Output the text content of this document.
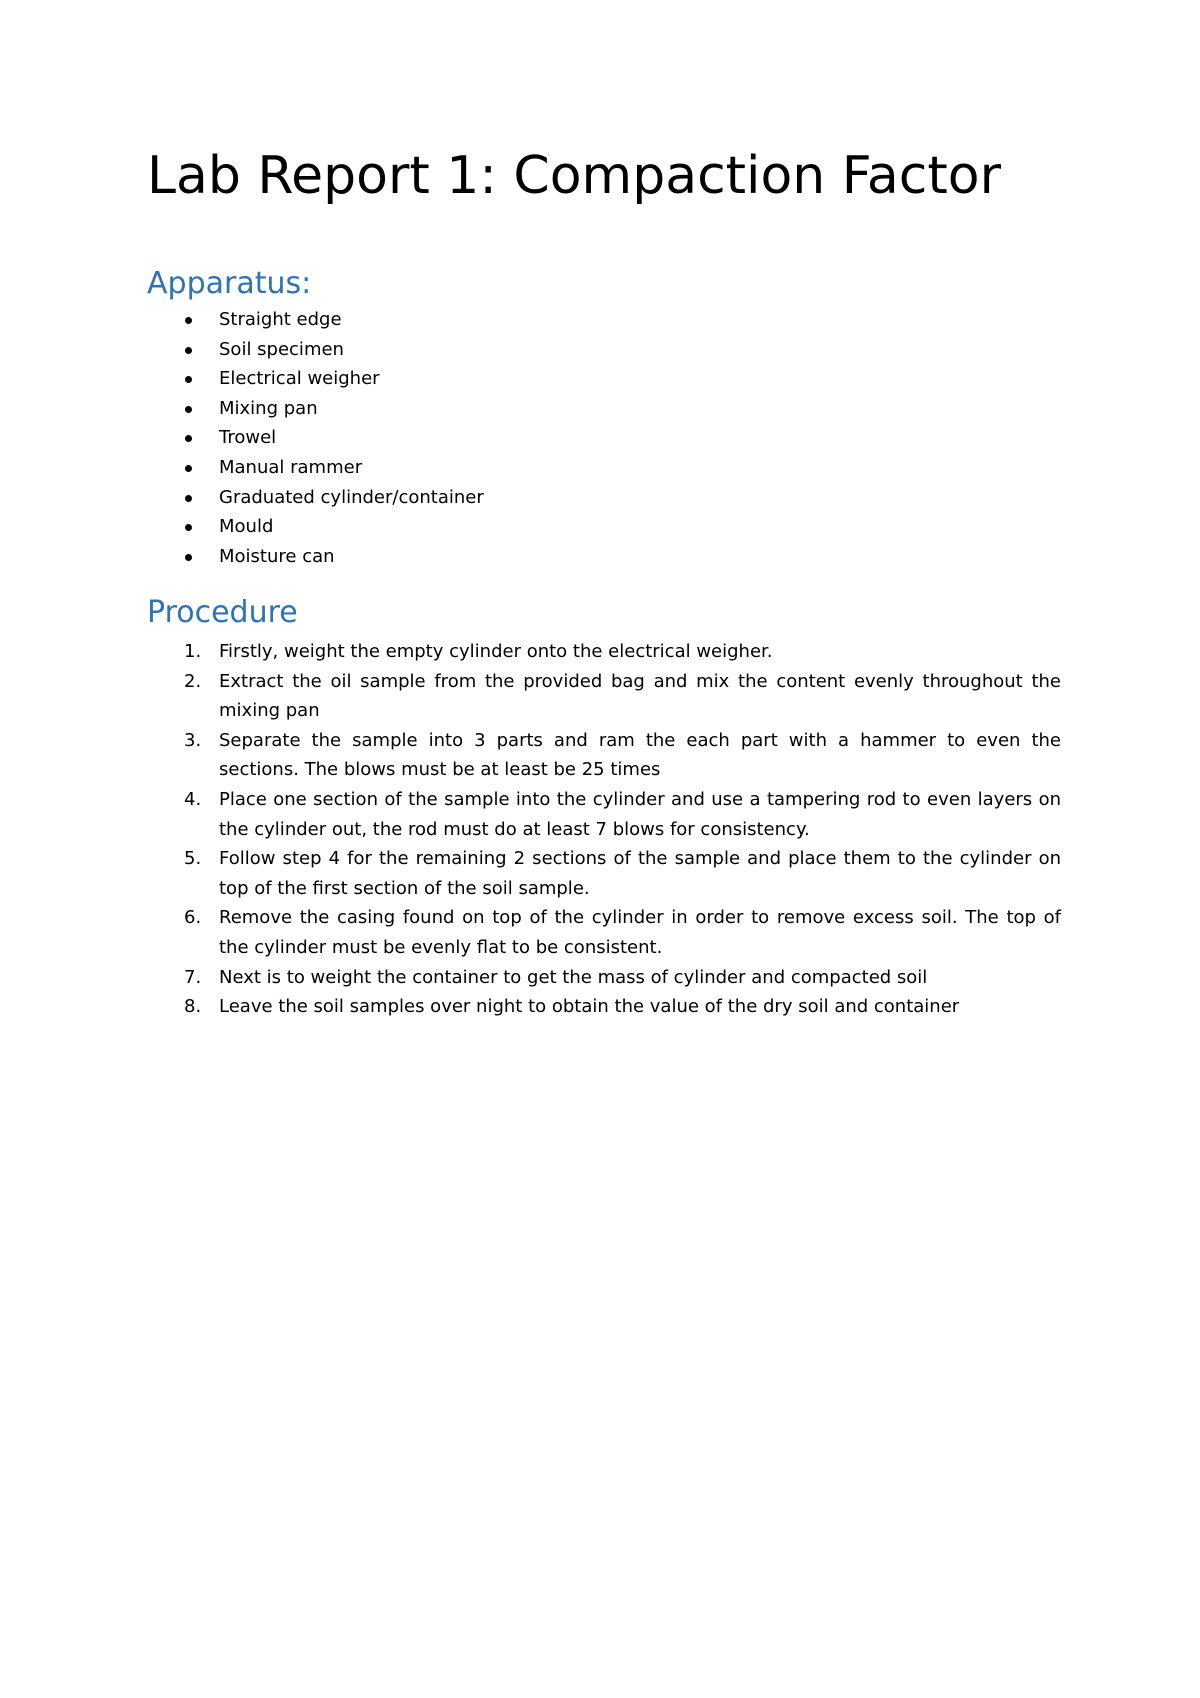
Lab Report 1: Compaction Factor
Apparatus:
Straight edge
Soil specimen
Electrical weigher
Mixing pan
Trowel
Manual rammer
Graduated cylinder/container
Mould
Moisture can
Procedure
1. Firstly, weight the empty cylinder onto the electrical weigher.
2. Extract the oil sample from the provided bag and mix the content evenly throughout the mixing pan
3. Separate the sample into 3 parts and ram the each part with a hammer to even the sections. The blows must be at least be 25 times
4. Place one section of the sample into the cylinder and use a tampering rod to even layers on the cylinder out, the rod must do at least 7 blows for consistency.
5. Follow step 4 for the remaining 2 sections of the sample and place them to the cylinder on top of the first section of the soil sample.
6. Remove the casing found on top of the cylinder in order to remove excess soil. The top of the cylinder must be evenly flat to be consistent.
7. Next is to weight the container to get the mass of cylinder and compacted soil
8. Leave the soil samples over night to obtain the value of the dry soil and container
